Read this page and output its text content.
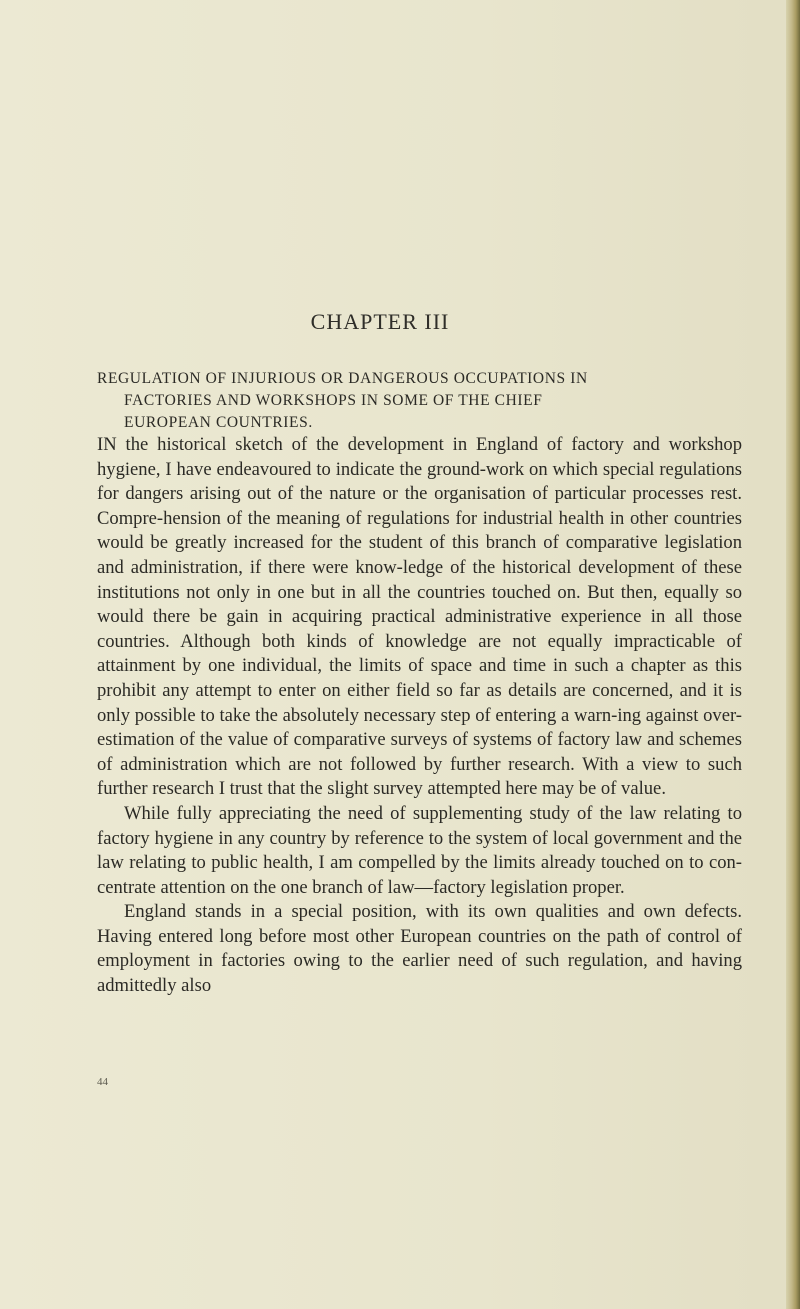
CHAPTER III
REGULATION OF INJURIOUS OR DANGEROUS OCCUPATIONS IN
FACTORIES AND WORKSHOPS IN SOME OF THE CHIEF
EUROPEAN COUNTRIES.
IN the historical sketch of the development in England of factory and workshop hygiene, I have endeavoured to indicate the ground-work on which special regulations for dangers arising out of the nature or the organisation of particular processes rest. Compre-hension of the meaning of regulations for industrial health in other countries would be greatly increased for the student of this branch of comparative legislation and administration, if there were know-ledge of the historical development of these institutions not only in one but in all the countries touched on. But then, equally so would there be gain in acquiring practical administrative experience in all those countries. Although both kinds of knowledge are not equally impracticable of attainment by one individual, the limits of space and time in such a chapter as this prohibit any attempt to enter on either field so far as details are concerned, and it is only possible to take the absolutely necessary step of entering a warn-ing against over-estimation of the value of comparative surveys of systems of factory law and schemes of administration which are not followed by further research. With a view to such further research I trust that the slight survey attempted here may be of value.
While fully appreciating the need of supplementing study of the law relating to factory hygiene in any country by reference to the system of local government and the law relating to public health, I am compelled by the limits already touched on to con-centrate attention on the one branch of law—factory legislation proper.
England stands in a special position, with its own qualities and own defects. Having entered long before most other European countries on the path of control of employment in factories owing to the earlier need of such regulation, and having admittedly also
44
